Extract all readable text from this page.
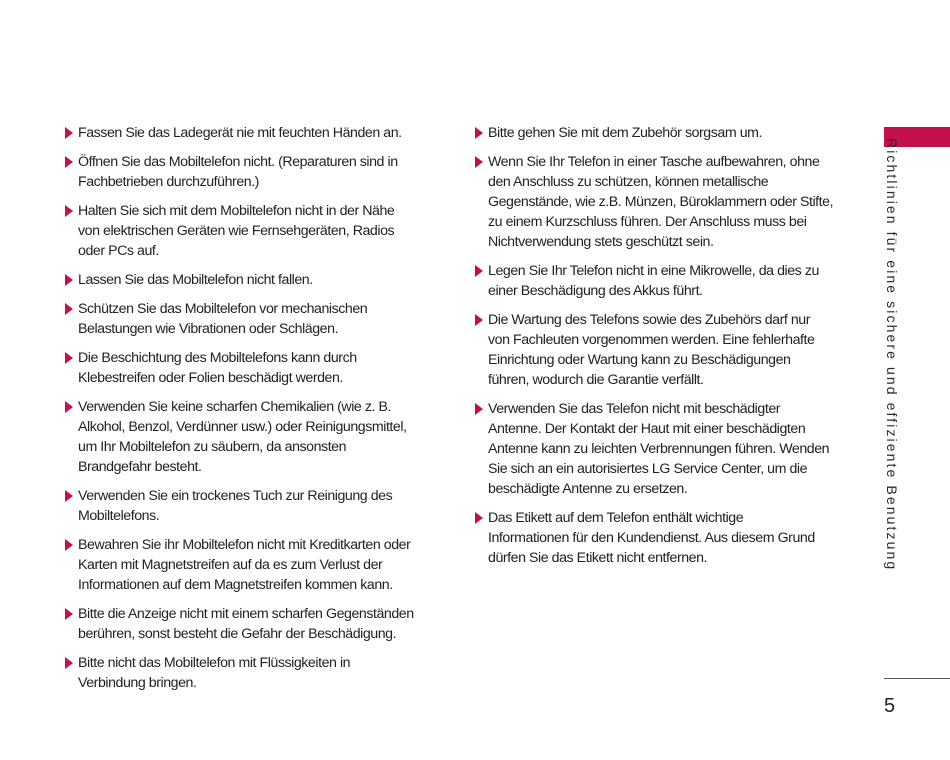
Fassen Sie das Ladegerät nie mit feuchten Händen an.
Öffnen Sie das Mobiltelefon nicht. (Reparaturen sind in
Fachbetrieben durchzuführen.)
Halten Sie sich mit dem Mobiltelefon nicht in der Nähe
von elektrischen Geräten wie Fernsehgeräten, Radios
oder PCs auf.
Lassen Sie das Mobiltelefon nicht fallen.
Schützen Sie das Mobiltelefon vor mechanischen
Belastungen wie Vibrationen oder Schlägen.
Die Beschichtung des Mobiltelefons kann durch
Klebestreifen oder Folien beschädigt werden.
Verwenden Sie keine scharfen Chemikalien (wie z. B.
Alkohol, Benzol, Verdünner usw.) oder Reinigungsmittel,
um Ihr Mobiltelefon zu säubern, da ansonsten
Brandgefahr besteht.
Verwenden Sie ein trockenes Tuch zur Reinigung des
Mobiltelefons.
Bewahren Sie ihr Mobiltelefon nicht mit Kreditkarten oder
Karten mit Magnetstreifen auf da es zum Verlust der
Informationen auf dem Magnetstreifen kommen kann.
Bitte die Anzeige nicht mit einem scharfen Gegenständen
berühren, sonst besteht die Gefahr der Beschädigung.
Bitte nicht das Mobiltelefon mit Flüssigkeiten in
Verbindung bringen.
Bitte gehen Sie mit dem Zubehör sorgsam um.
Wenn Sie Ihr Telefon in einer Tasche aufbewahren, ohne
den Anschluss zu schützen, können metallische
Gegenstände, wie z.B. Münzen, Büroklammern oder Stifte,
zu einem Kurzschluss führen. Der Anschluss muss bei
Nichtverwendung stets geschützt sein.
Legen Sie Ihr Telefon nicht in eine Mikrowelle, da dies zu
einer Beschädigung des Akkus führt.
Die Wartung des Telefons sowie des Zubehörs darf nur
von Fachleuten vorgenommen werden. Eine fehlerhafte
Einrichtung oder Wartung kann zu Beschädigungen
führen, wodurch die Garantie verfällt.
Verwenden Sie das Telefon nicht mit beschädigter
Antenne. Der Kontakt der Haut mit einer beschädigten
Antenne kann zu leichten Verbrennungen führen. Wenden
Sie sich an ein autorisiertes LG Service Center, um die
beschädigte Antenne zu ersetzen.
Das Etikett auf dem Telefon enthält wichtige
Informationen für den Kundendienst. Aus diesem Grund
dürfen Sie das Etikett nicht entfernen.	Richtlinien für eine sichere und effiziente Benutzung
5
